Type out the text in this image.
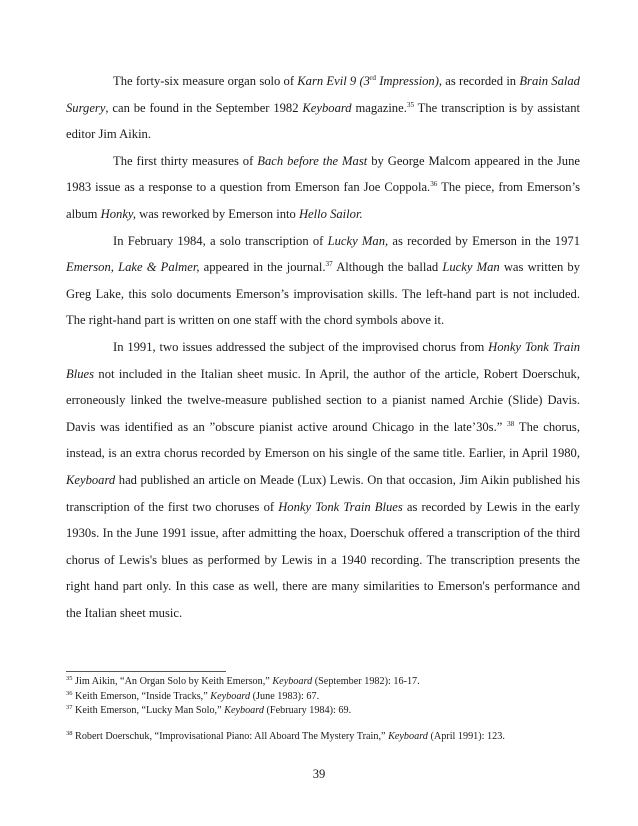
The forty-six measure organ solo of Karn Evil 9 (3rd Impression), as recorded in Brain Salad Surgery, can be found in the September 1982 Keyboard magazine.$^{35}$ The transcription is by assistant editor Jim Aikin.

The first thirty measures of Bach before the Mast by George Malcom appeared in the June 1983 issue as a response to a question from Emerson fan Joe Coppola.$^{36}$ The piece, from Emerson’s album Honky, was reworked by Emerson into Hello Sailor.

In February 1984, a solo transcription of Lucky Man, as recorded by Emerson in the 1971 Emerson, Lake & Palmer, appeared in the journal.$^{37}$ Although the ballad Lucky Man was written by Greg Lake, this solo documents Emerson’s improvisation skills. The left-hand part is not included. The right-hand part is written on one staff with the chord symbols above it.

In 1991, two issues addressed the subject of the improvised chorus from Honky Tonk Train Blues not included in the Italian sheet music. In April, the author of the article, Robert Doerschuk, erroneously linked the twelve-measure published section to a pianist named Archie (Slide) Davis. Davis was identified as an ”obscure pianist active around Chicago in the late’30s.” $^{38}$ The chorus, instead, is an extra chorus recorded by Emerson on his single of the same title. Earlier, in April 1980, Keyboard had published an article on Meade (Lux) Lewis. On that occasion, Jim Aikin published his transcription of the first two choruses of Honky Tonk Train Blues as recorded by Lewis in the early 1930s. In the June 1991 issue, after admitting the hoax, Doerschuk offered a transcription of the third chorus of Lewis's blues as performed by Lewis in a 1940 recording. The transcription presents the right hand part only. In this case as well, there are many similarities to Emerson's performance and the Italian sheet music.

$^{35}$ Jim Aikin, “An Organ Solo by Keith Emerson,” Keyboard (September 1982): 16-17.

$^{36}$ Keith Emerson, “Inside Tracks,” Keyboard (June 1983): 67.

$^{37}$ Keith Emerson, “Lucky Man Solo,” Keyboard (February 1984): 69.

$^{38}$ Robert Doerschuk, “Improvisational Piano: All Aboard The Mystery Train,” Keyboard (April 1991): 123.

39
